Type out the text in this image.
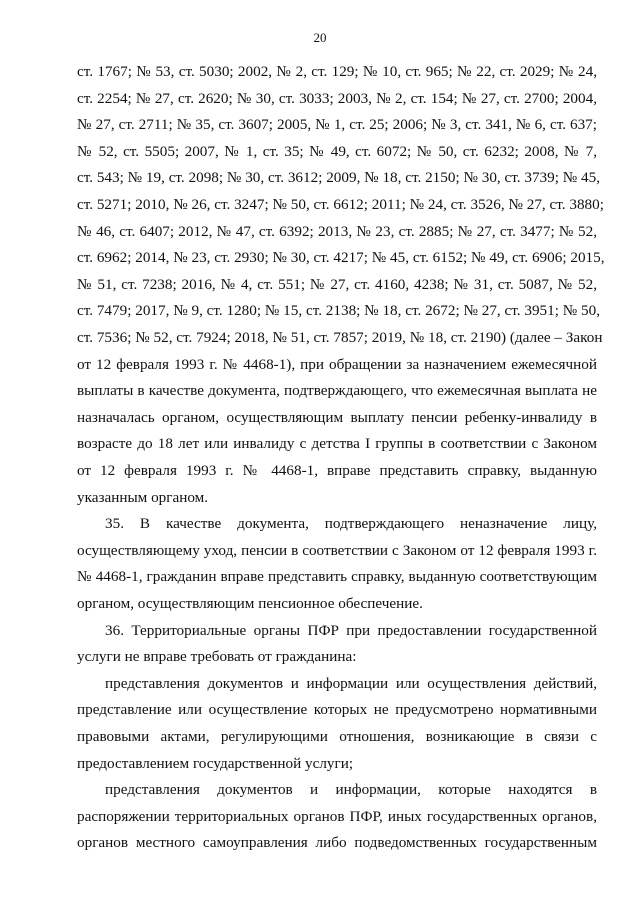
20
ст. 1767; № 53, ст. 5030; 2002, № 2, ст. 129; № 10, ст. 965; № 22, ст. 2029; № 24,
ст. 2254; № 27, ст. 2620; № 30, ст. 3033; 2003, № 2, ст. 154; № 27, ст. 2700; 2004,
№ 27, ст. 2711; № 35, ст. 3607; 2005, № 1, ст. 25; 2006; № 3, ст. 341, № 6, ст. 637;
№ 52, ст. 5505; 2007, № 1, ст. 35; № 49, ст. 6072; № 50, ст. 6232; 2008, № 7,
ст. 543; № 19, ст. 2098; № 30, ст. 3612; 2009, № 18, ст. 2150; № 30, ст. 3739; № 45,
ст. 5271; 2010, № 26, ст. 3247; № 50, ст. 6612; 2011; № 24, ст. 3526, № 27, ст. 3880;
№ 46, ст. 6407; 2012, № 47, ст. 6392; 2013, № 23, ст. 2885; № 27, ст. 3477; № 52,
ст. 6962; 2014, № 23, ст. 2930; № 30, ст. 4217; № 45, ст. 6152; № 49, ст. 6906; 2015,
№ 51, ст. 7238; 2016, № 4, ст. 551; № 27, ст. 4160, 4238; № 31, ст. 5087, № 52,
ст. 7479; 2017, № 9, ст. 1280; № 15, ст. 2138; № 18, ст. 2672; № 27, ст. 3951; № 50,
ст. 7536; № 52, ст. 7924; 2018, № 51, ст. 7857; 2019, № 18, ст. 2190) (далее – Закон
от 12 февраля 1993 г. № 4468-1), при обращении за назначением ежемесячной
выплаты в качестве документа, подтверждающего, что ежемесячная выплата не
назначалась органом, осуществляющим выплату пенсии ребенку-инвалиду в
возрасте до 18 лет или инвалиду с детства I группы в соответствии с Законом
от 12 февраля 1993 г. № 4468-1, вправе представить справку, выданную
указанным органом.
35. В качестве документа, подтверждающего неназначение лицу,
осуществляющему уход, пенсии в соответствии с Законом от 12 февраля 1993 г.
№ 4468-1, гражданин вправе представить справку, выданную соответствующим
органом, осуществляющим пенсионное обеспечение.
36. Территориальные органы ПФР при предоставлении государственной
услуги не вправе требовать от гражданина:
представления документов и информации или осуществления действий,
представление или осуществление которых не предусмотрено нормативными
правовыми актами, регулирующими отношения, возникающие в связи с
предоставлением государственной услуги;
представления документов и информации, которые находятся в
распоряжении территориальных органов ПФР, иных государственных органов,
органов местного самоуправления либо подведомственных государственным
